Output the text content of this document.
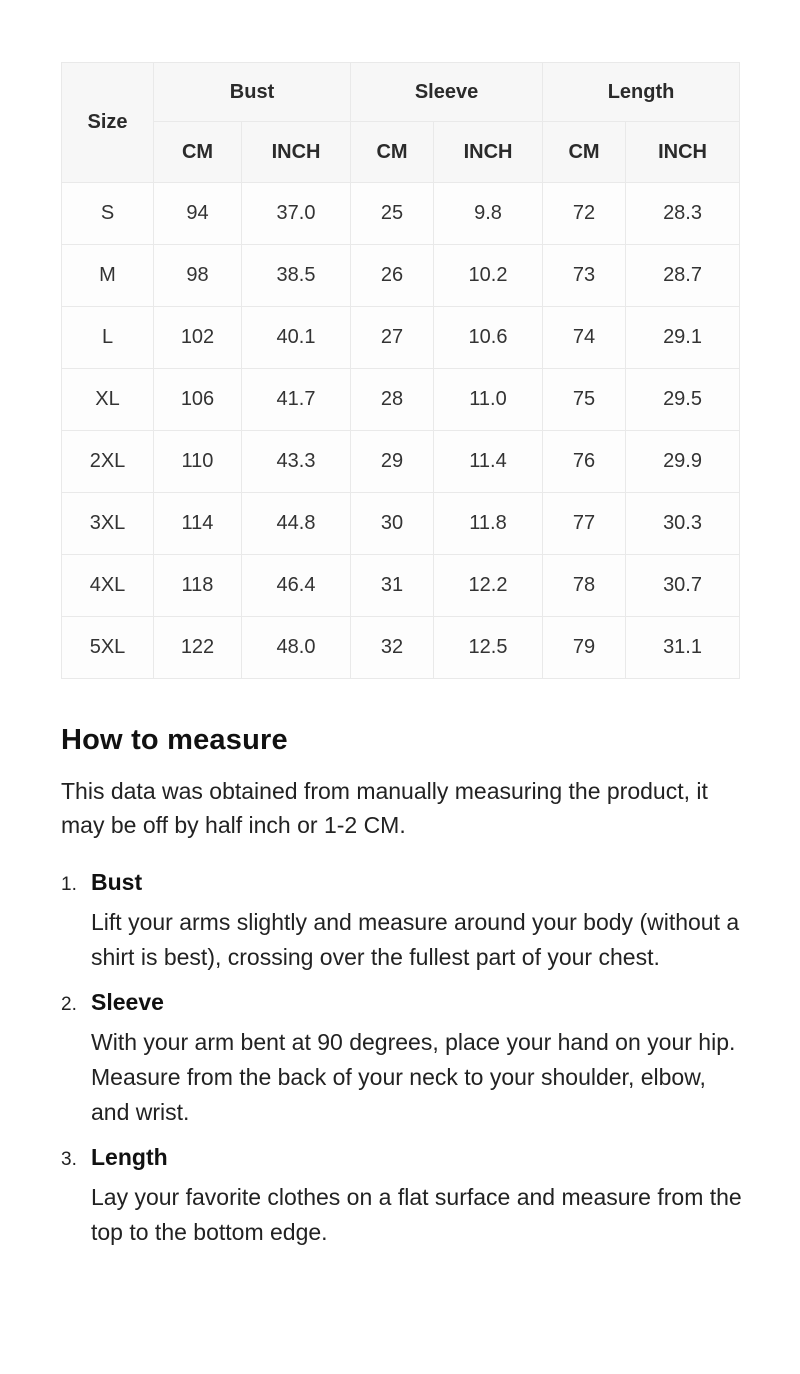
Size	Bust		Sleeve		Length	
	CM	INCH	CM	INCH	CM	INCH
S	94	37.0	25	9.8	72	28.3
M	98	38.5	26	10.2	73	28.7
L	102	40.1	27	10.6	74	29.1
XL	106	41.7	28	11.0	75	29.5
2XL	110	43.3	29	11.4	76	29.9
3XL	114	44.8	30	11.8	77	30.3
4XL	118	46.4	31	12.2	78	30.7
5XL	122	48.0	32	12.5	79	31.1
How to measure

This data was obtained from manually measuring the product, it may be off by half inch or 1-2 CM.

1. Bust

Lift your arms slightly and measure around your body (without a shirt is best), crossing over the fullest part of your chest.

2. Sleeve

With your arm bent at 90 degrees, place your hand on your hip. Measure from the back of your neck to your shoulder, elbow, and wrist.

3. Length

Lay your favorite clothes on a flat surface and measure from the top to the bottom edge.
